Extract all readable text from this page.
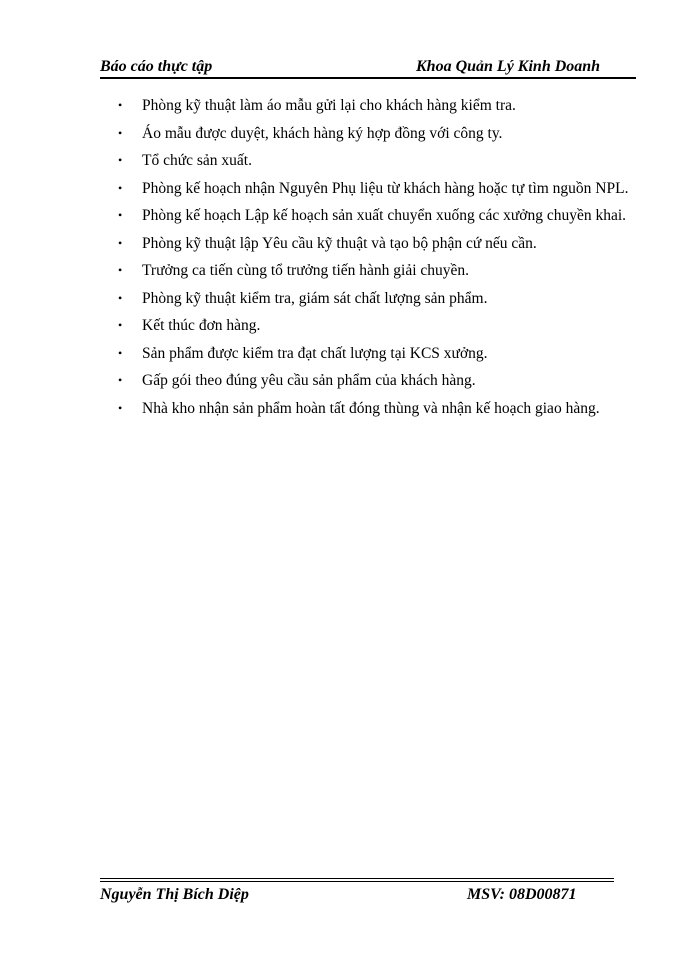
Báo cáo thực tập	Khoa Quản Lý Kinh Doanh
• Phòng kỹ thuật làm áo mẫu gửi lại cho khách hàng kiểm tra.
• Áo mẫu được duyệt, khách hàng ký hợp đồng với công ty.
• Tổ chức sản xuất.
• Phòng kế hoạch nhận Nguyên Phụ liệu từ khách hàng hoặc tự tìm nguồn NPL.
• Phòng kế hoạch Lập kế hoạch sản xuất chuyển xuống các xưởng chuyền khai.
• Phòng kỹ thuật lập Yêu cầu kỹ thuật và tạo bộ phận cứ nếu cần.
• Trưởng ca tiến cùng tổ trưởng tiến hành giải chuyền.
• Phòng kỹ thuật kiểm tra, giám sát chất lượng sản phẩm.
• Kết thúc đơn hàng.
• Sản phẩm được kiểm tra đạt chất lượng tại KCS xưởng.
• Gấp gói theo đúng yêu cầu sản phẩm của khách hàng.
• Nhà kho nhận sản phẩm hoàn tất đóng thùng và nhận kế hoạch giao hàng.
Nguyễn Thị Bích Diệp	MSV: 08D00871
